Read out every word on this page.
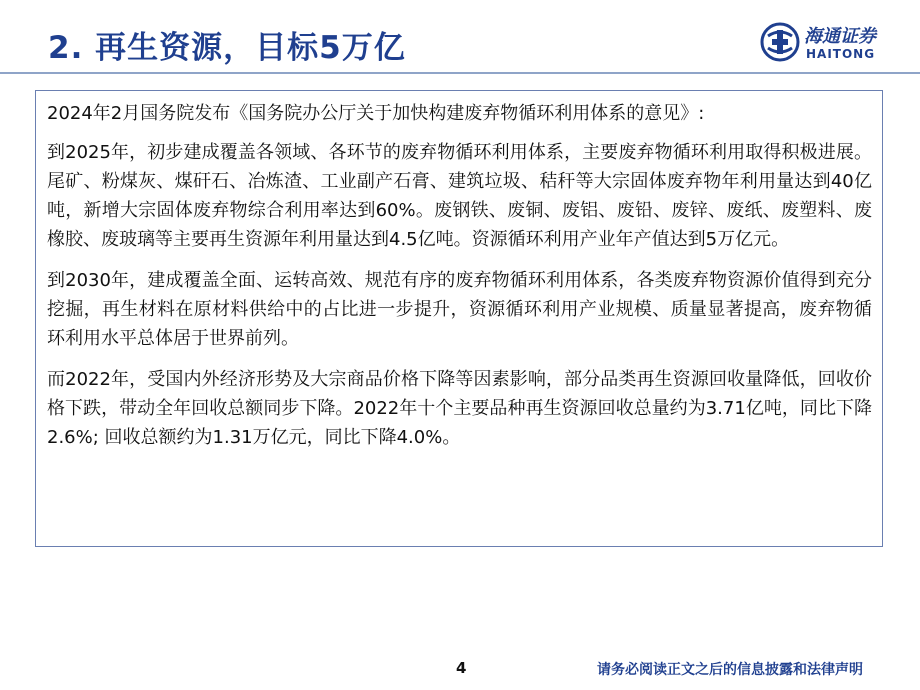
2. 再生资源，目标5万亿	海通证券
HAITONG

2024年2月国务院发布《国务院办公厅关于加快构建废弃物循环利用体系的意见》:

到2025年，初步建成覆盖各领域、各环节的废弃物循环利用体系，主要废弃物循环利用取得积极进展。尾矿、粉煤灰、煤矸石、冶炼渣、工业副产石膏、建筑垃圾、秸秆等大宗固体废弃物年利用量达到40亿吨，新增大宗固体废弃物综合利用率达到60%。废钢铁、废铜、废铝、废铅、废锌、废纸、废塑料、废橡胶、废玻璃等主要再生资源年利用量达到4.5亿吨。资源循环利用产业年产值达到5万亿元。

到2030年，建成覆盖全面、运转高效、规范有序的废弃物循环利用体系，各类废弃物资源价值得到充分挖掘，再生材料在原材料供给中的占比进一步提升，资源循环利用产业规模、质量显著提高，废弃物循环利用水平总体居于世界前列。

而2022年，受国内外经济形势及大宗商品价格下降等因素影响，部分品类再生资源回收量降低，回收价格下跌，带动全年回收总额同步下降。2022年十个主要品种再生资源回收总量约为3.71亿吨，同比下降2.6%; 回收总额约为1.31万亿元，同比下降4.0%。

4	请务必阅读正文之后的信息披露和法律声明
